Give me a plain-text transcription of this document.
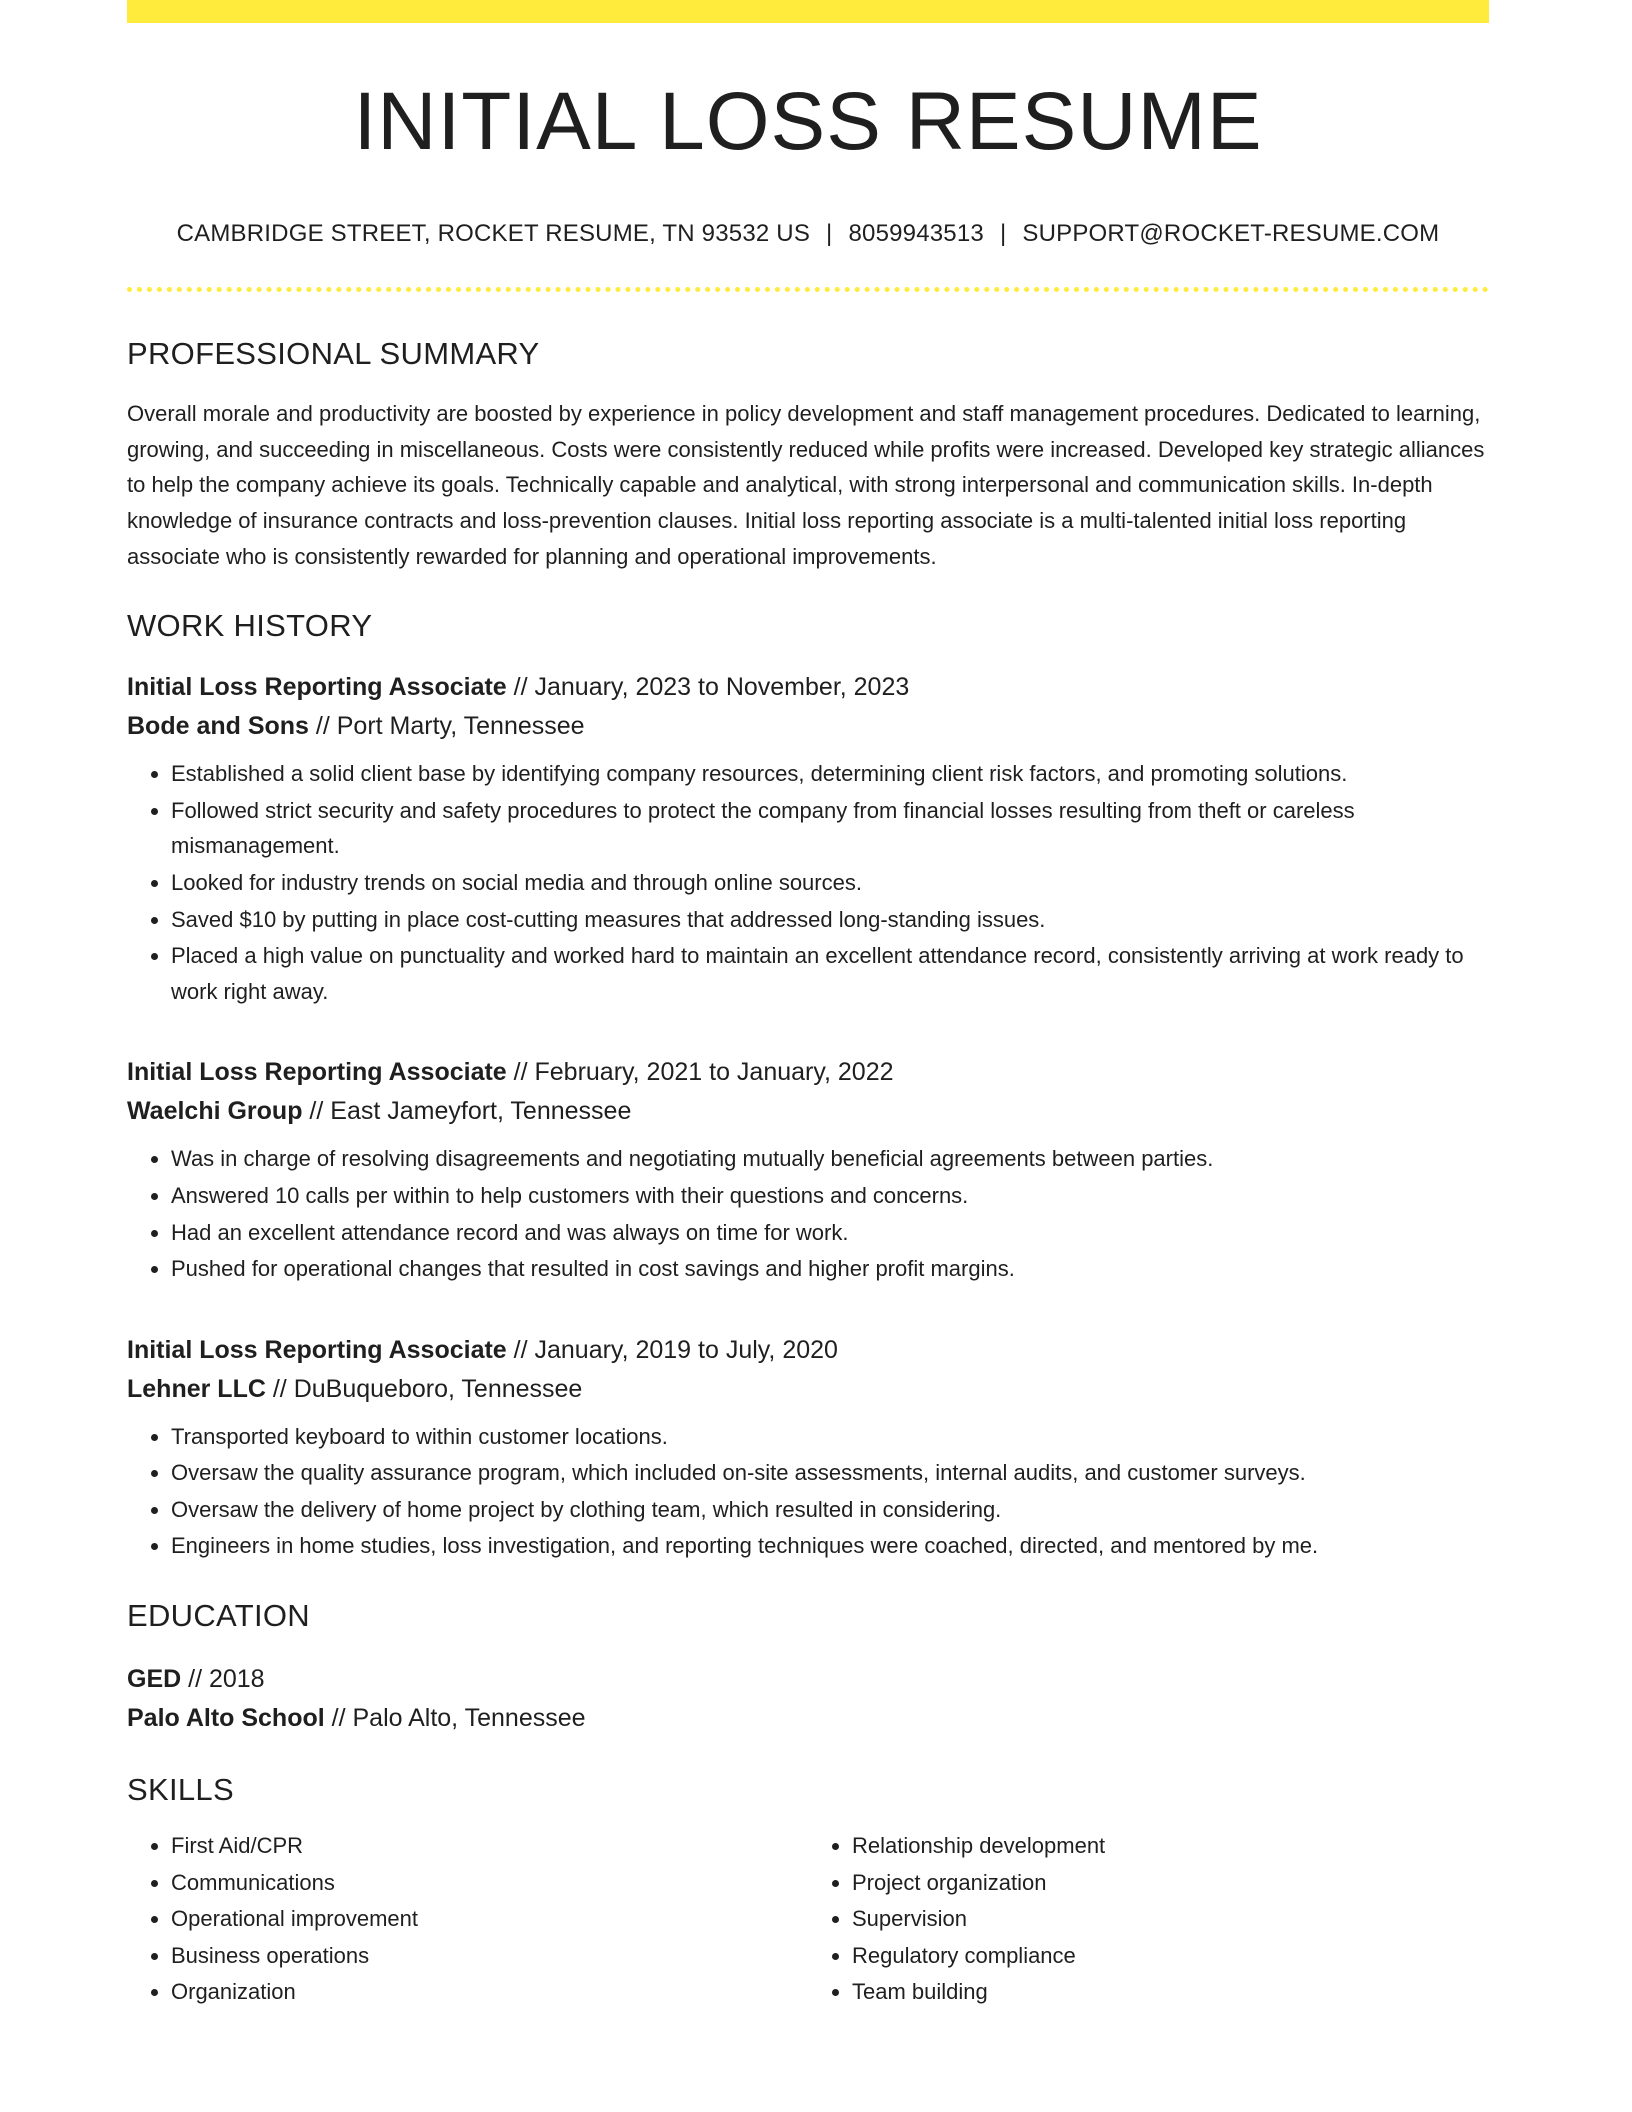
INITIAL LOSS RESUME
CAMBRIDGE STREET, ROCKET RESUME, TN 93532 US | 8059943513 | SUPPORT@ROCKET-RESUME.COM
PROFESSIONAL SUMMARY
Overall morale and productivity are boosted by experience in policy development and staff management procedures. Dedicated to learning, growing, and succeeding in miscellaneous. Costs were consistently reduced while profits were increased. Developed key strategic alliances to help the company achieve its goals. Technically capable and analytical, with strong interpersonal and communication skills. In-depth knowledge of insurance contracts and loss-prevention clauses. Initial loss reporting associate is a multi-talented initial loss reporting associate who is consistently rewarded for planning and operational improvements.
WORK HISTORY
Initial Loss Reporting Associate // January, 2023 to November, 2023
Bode and Sons // Port Marty, Tennessee
• Established a solid client base by identifying company resources, determining client risk factors, and promoting solutions.
• Followed strict security and safety procedures to protect the company from financial losses resulting from theft or careless mismanagement.
• Looked for industry trends on social media and through online sources.
• Saved $10 by putting in place cost-cutting measures that addressed long-standing issues.
• Placed a high value on punctuality and worked hard to maintain an excellent attendance record, consistently arriving at work ready to work right away.
Initial Loss Reporting Associate // February, 2021 to January, 2022
Waelchi Group // East Jameyfort, Tennessee
• Was in charge of resolving disagreements and negotiating mutually beneficial agreements between parties.
• Answered 10 calls per within to help customers with their questions and concerns.
• Had an excellent attendance record and was always on time for work.
• Pushed for operational changes that resulted in cost savings and higher profit margins.
Initial Loss Reporting Associate // January, 2019 to July, 2020
Lehner LLC // DuBuqueboro, Tennessee
• Transported keyboard to within customer locations.
• Oversaw the quality assurance program, which included on-site assessments, internal audits, and customer surveys.
• Oversaw the delivery of home project by clothing team, which resulted in considering.
• Engineers in home studies, loss investigation, and reporting techniques were coached, directed, and mentored by me.
EDUCATION
GED // 2018
Palo Alto School // Palo Alto, Tennessee
SKILLS
• First Aid/CPR
• Communications
• Operational improvement
• Business operations
• Organization
• Relationship development
• Project organization
• Supervision
• Regulatory compliance
• Team building
